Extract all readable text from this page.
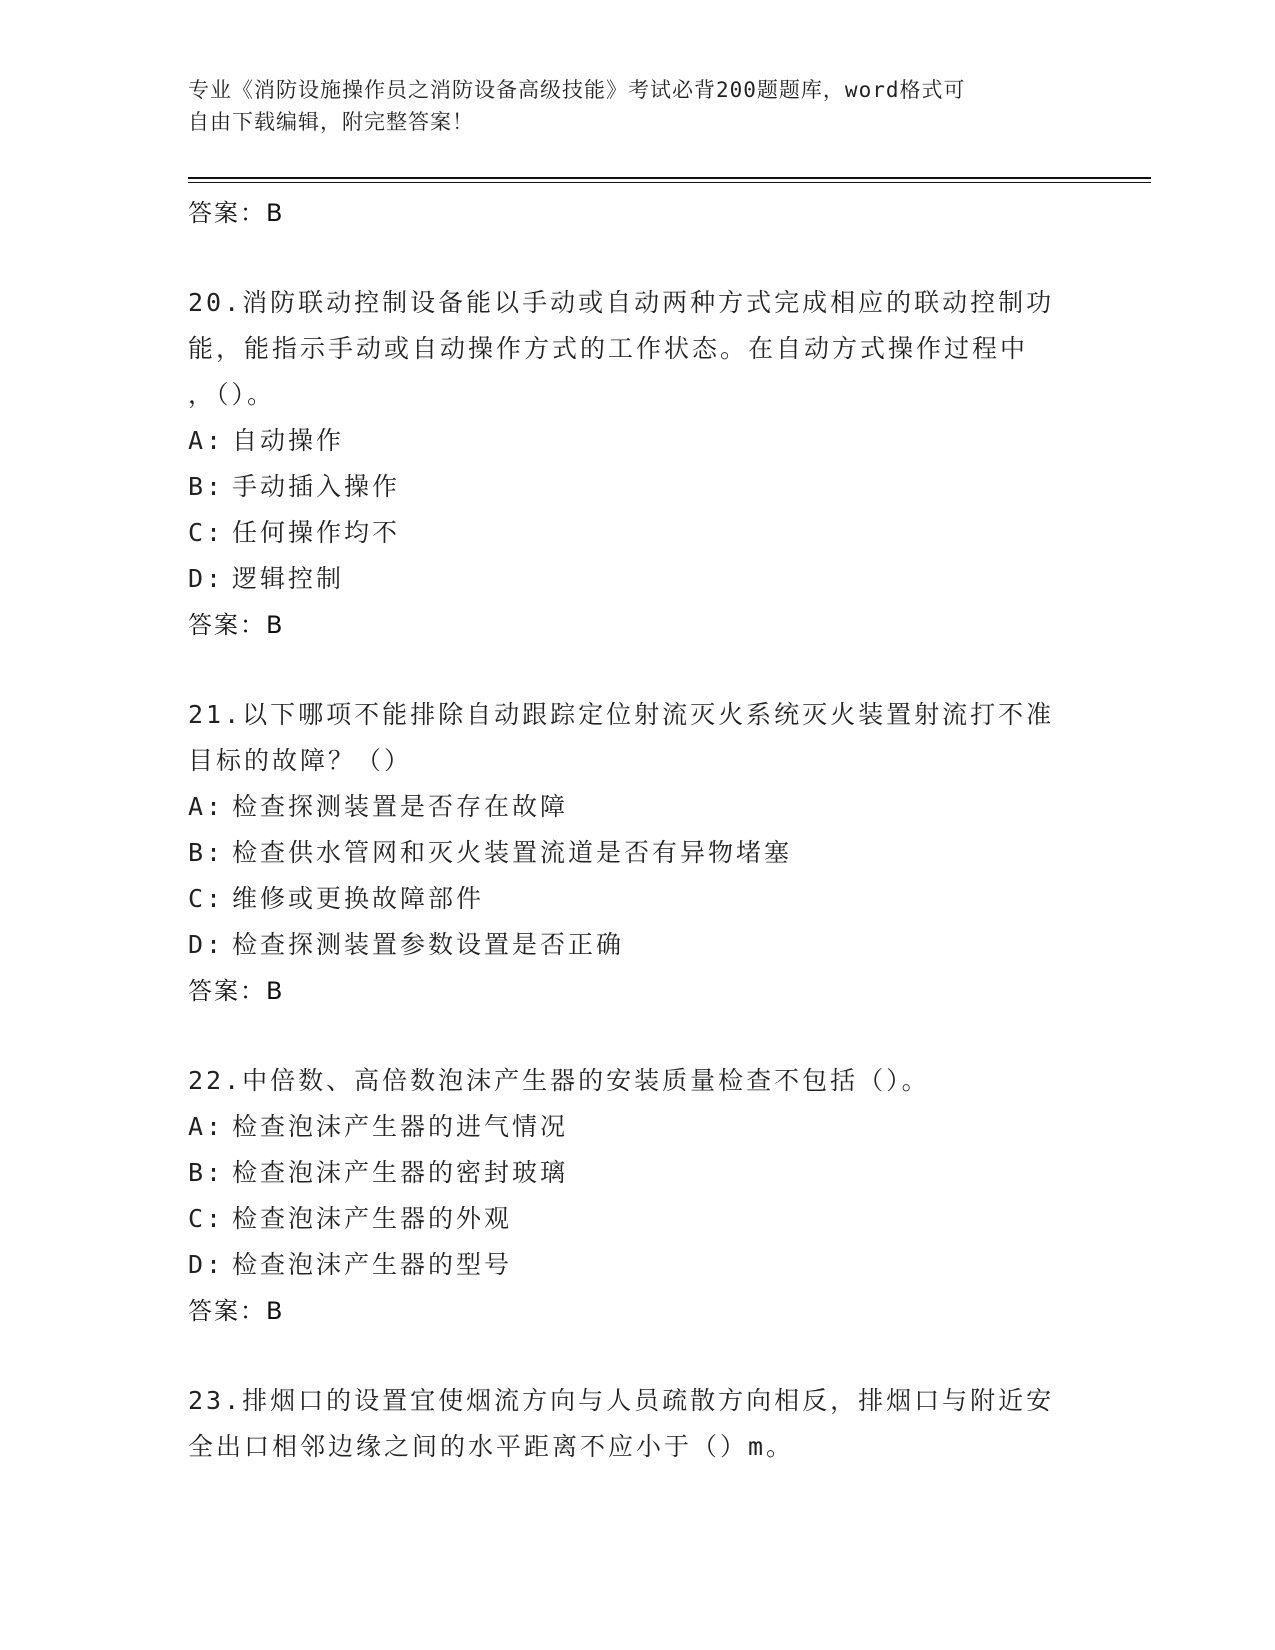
专业《消防设施操作员之消防设备高级技能》考试必背200题题库，word格式可
自由下载编辑，附完整答案！
答案：B
20.消防联动控制设备能以手动或自动两种方式完成相应的联动控制功
能，能指示手动或自动操作方式的工作状态。在自动方式操作过程中
，（）。
A: 自动操作
B: 手动插入操作
C: 任何操作均不
D: 逻辑控制
答案：B
21.以下哪项不能排除自动跟踪定位射流灭火系统灭火装置射流打不准
目标的故障？（）
A: 检查探测装置是否存在故障
B: 检查供水管网和灭火装置流道是否有异物堵塞
C: 维修或更换故障部件
D: 检查探测装置参数设置是否正确
答案：B
22.中倍数、高倍数泡沫产生器的安装质量检查不包括（）。
A: 检查泡沫产生器的进气情况
B: 检查泡沫产生器的密封玻璃
C: 检查泡沫产生器的外观
D: 检查泡沫产生器的型号
答案：B
23.排烟口的设置宜使烟流方向与人员疏散方向相反，排烟口与附近安
全出口相邻边缘之间的水平距离不应小于（）m。
